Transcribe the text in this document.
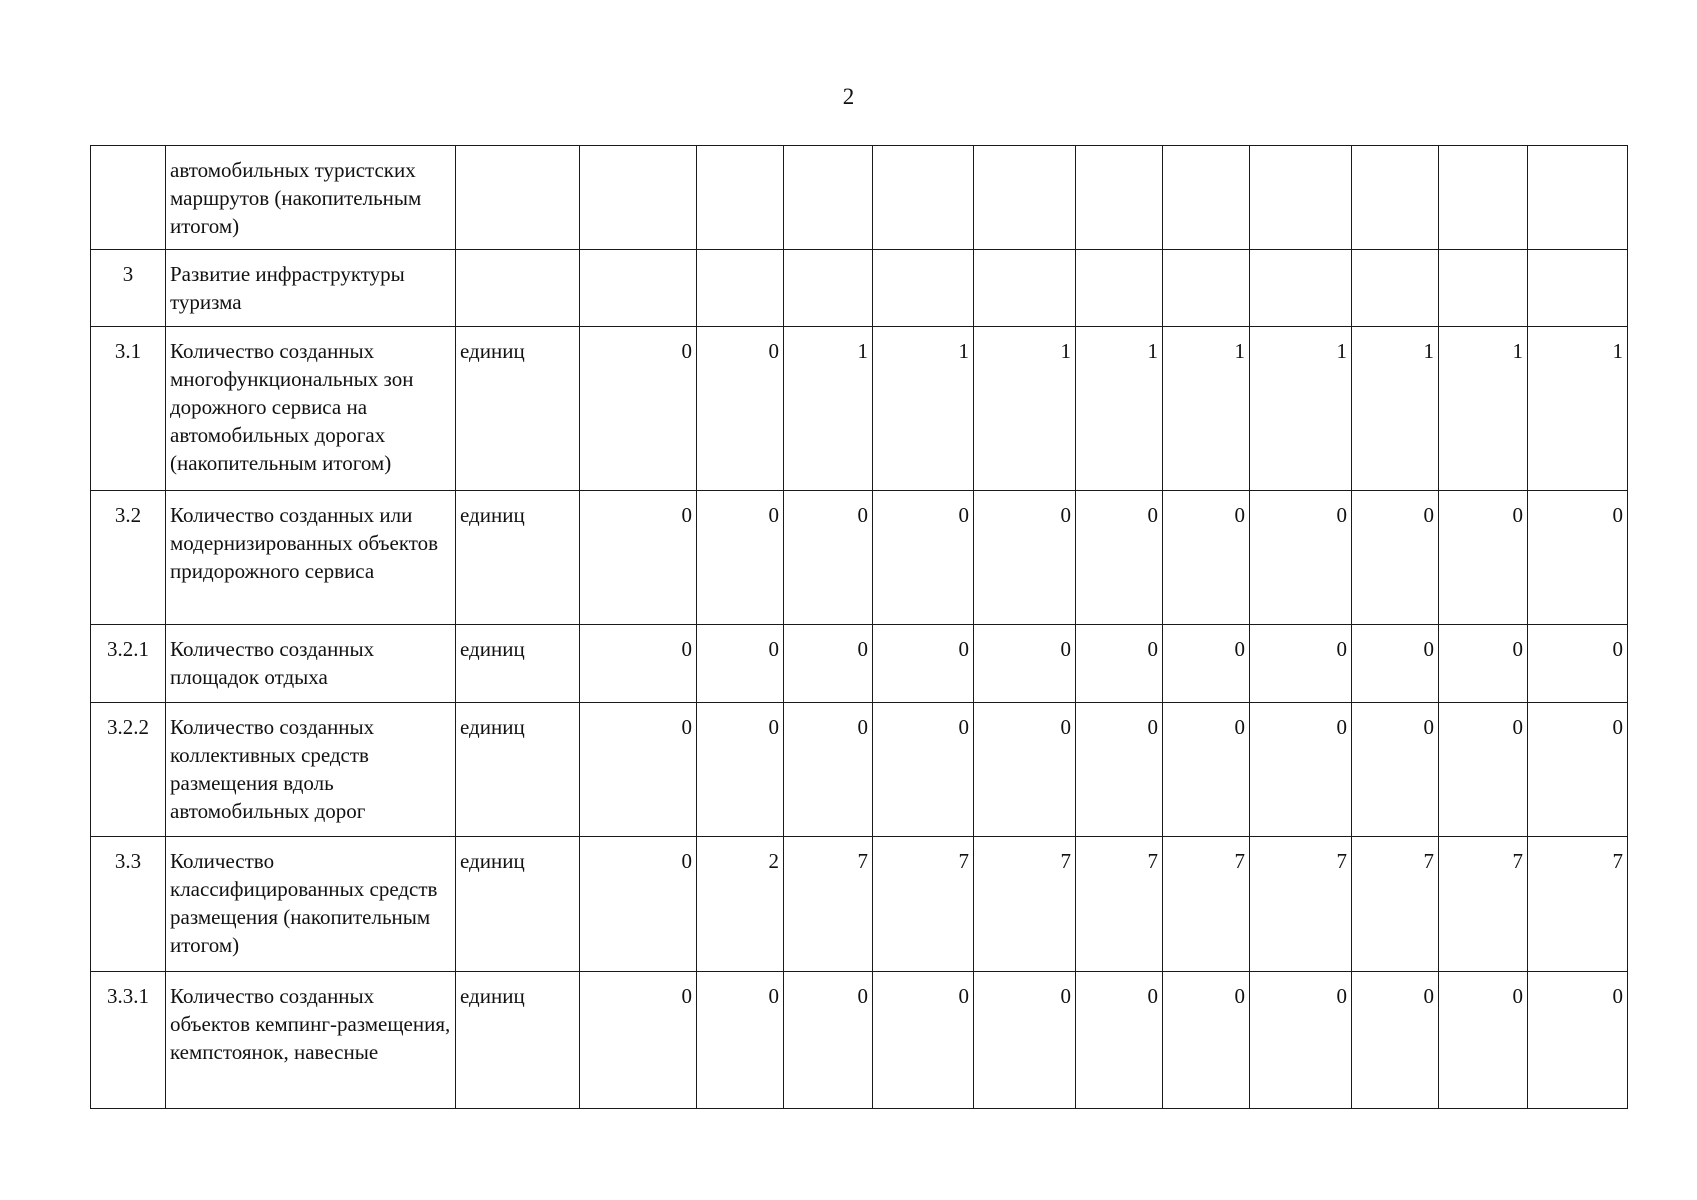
2
	автомобильных туристских маршрутов (накопительным итогом)												
3	Развитие инфраструктуры туризма												
3.1	Количество созданных многофункциональных зон дорожного сервиса на автомобильных дорогах (накопительным итогом)	единиц	0	0	1	1	1	1	1	1	1	1	1
3.2	Количество созданных или модернизированных объектов придорожного сервиса	единиц	0	0	0	0	0	0	0	0	0	0	0
3.2.1	Количество созданных площадок отдыха	единиц	0	0	0	0	0	0	0	0	0	0	0
3.2.2	Количество созданных коллективных средств размещения вдоль автомобильных дорог	единиц	0	0	0	0	0	0	0	0	0	0	0
3.3	Количество классифицированных средств размещения (накопительным итогом)	единиц	0	2	7	7	7	7	7	7	7	7	7
3.3.1	Количество созданных объектов кемпинг-размещения, кемпстоянок, навесные	единиц	0	0	0	0	0	0	0	0	0	0	0
